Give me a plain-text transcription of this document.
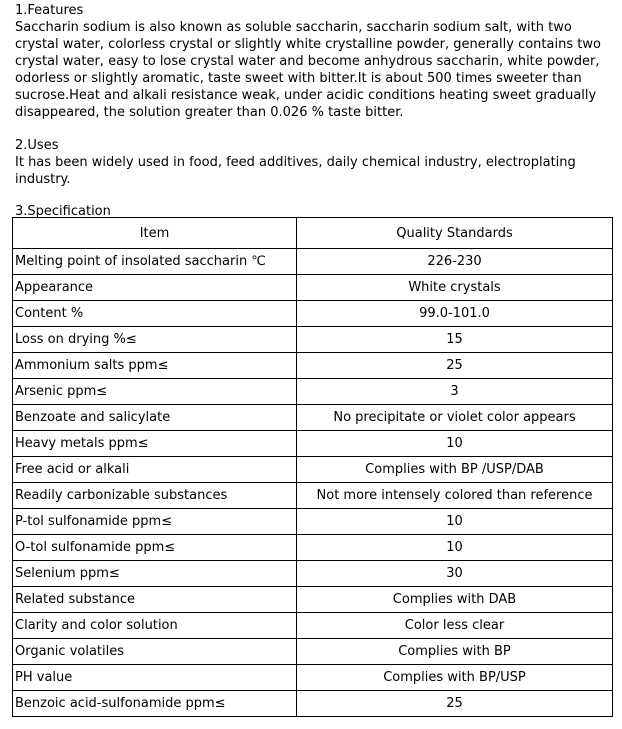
1.Features

Saccharin sodium is also known as soluble saccharin, saccharin sodium salt, with two crystal water, colorless crystal or slightly white crystalline powder, generally contains two crystal water, easy to lose crystal water and become anhydrous saccharin, white powder, odorless or slightly aromatic, taste sweet with bitter.It is about 500 times sweeter than sucrose.Heat and alkali resistance weak, under acidic conditions heating sweet gradually disappeared, the solution greater than 0.026 % taste bitter.

2.Uses

It has been widely used in food, feed additives, daily chemical industry, electroplating industry.

3.Specification
Item	Quality Standards
Melting point of insolated saccharin ℃	226-230
Appearance	White crystals
Content %	99.0-101.0
Loss on drying %≤	15
Ammonium salts ppm≤	25
Arsenic ppm≤	3
Benzoate and salicylate	No precipitate or violet color appears
Heavy metals ppm≤	10
Free acid or alkali	Complies with BP /USP/DAB
Readily carbonizable substances	Not more intensely colored than reference
P-tol sulfonamide ppm≤	10
O-tol sulfonamide ppm≤	10
Selenium ppm≤	30
Related substance	Complies with DAB
Clarity and color solution	Color less clear
Organic volatiles	Complies with BP
PH value	Complies with BP/USP
Benzoic acid-sulfonamide ppm≤	25
